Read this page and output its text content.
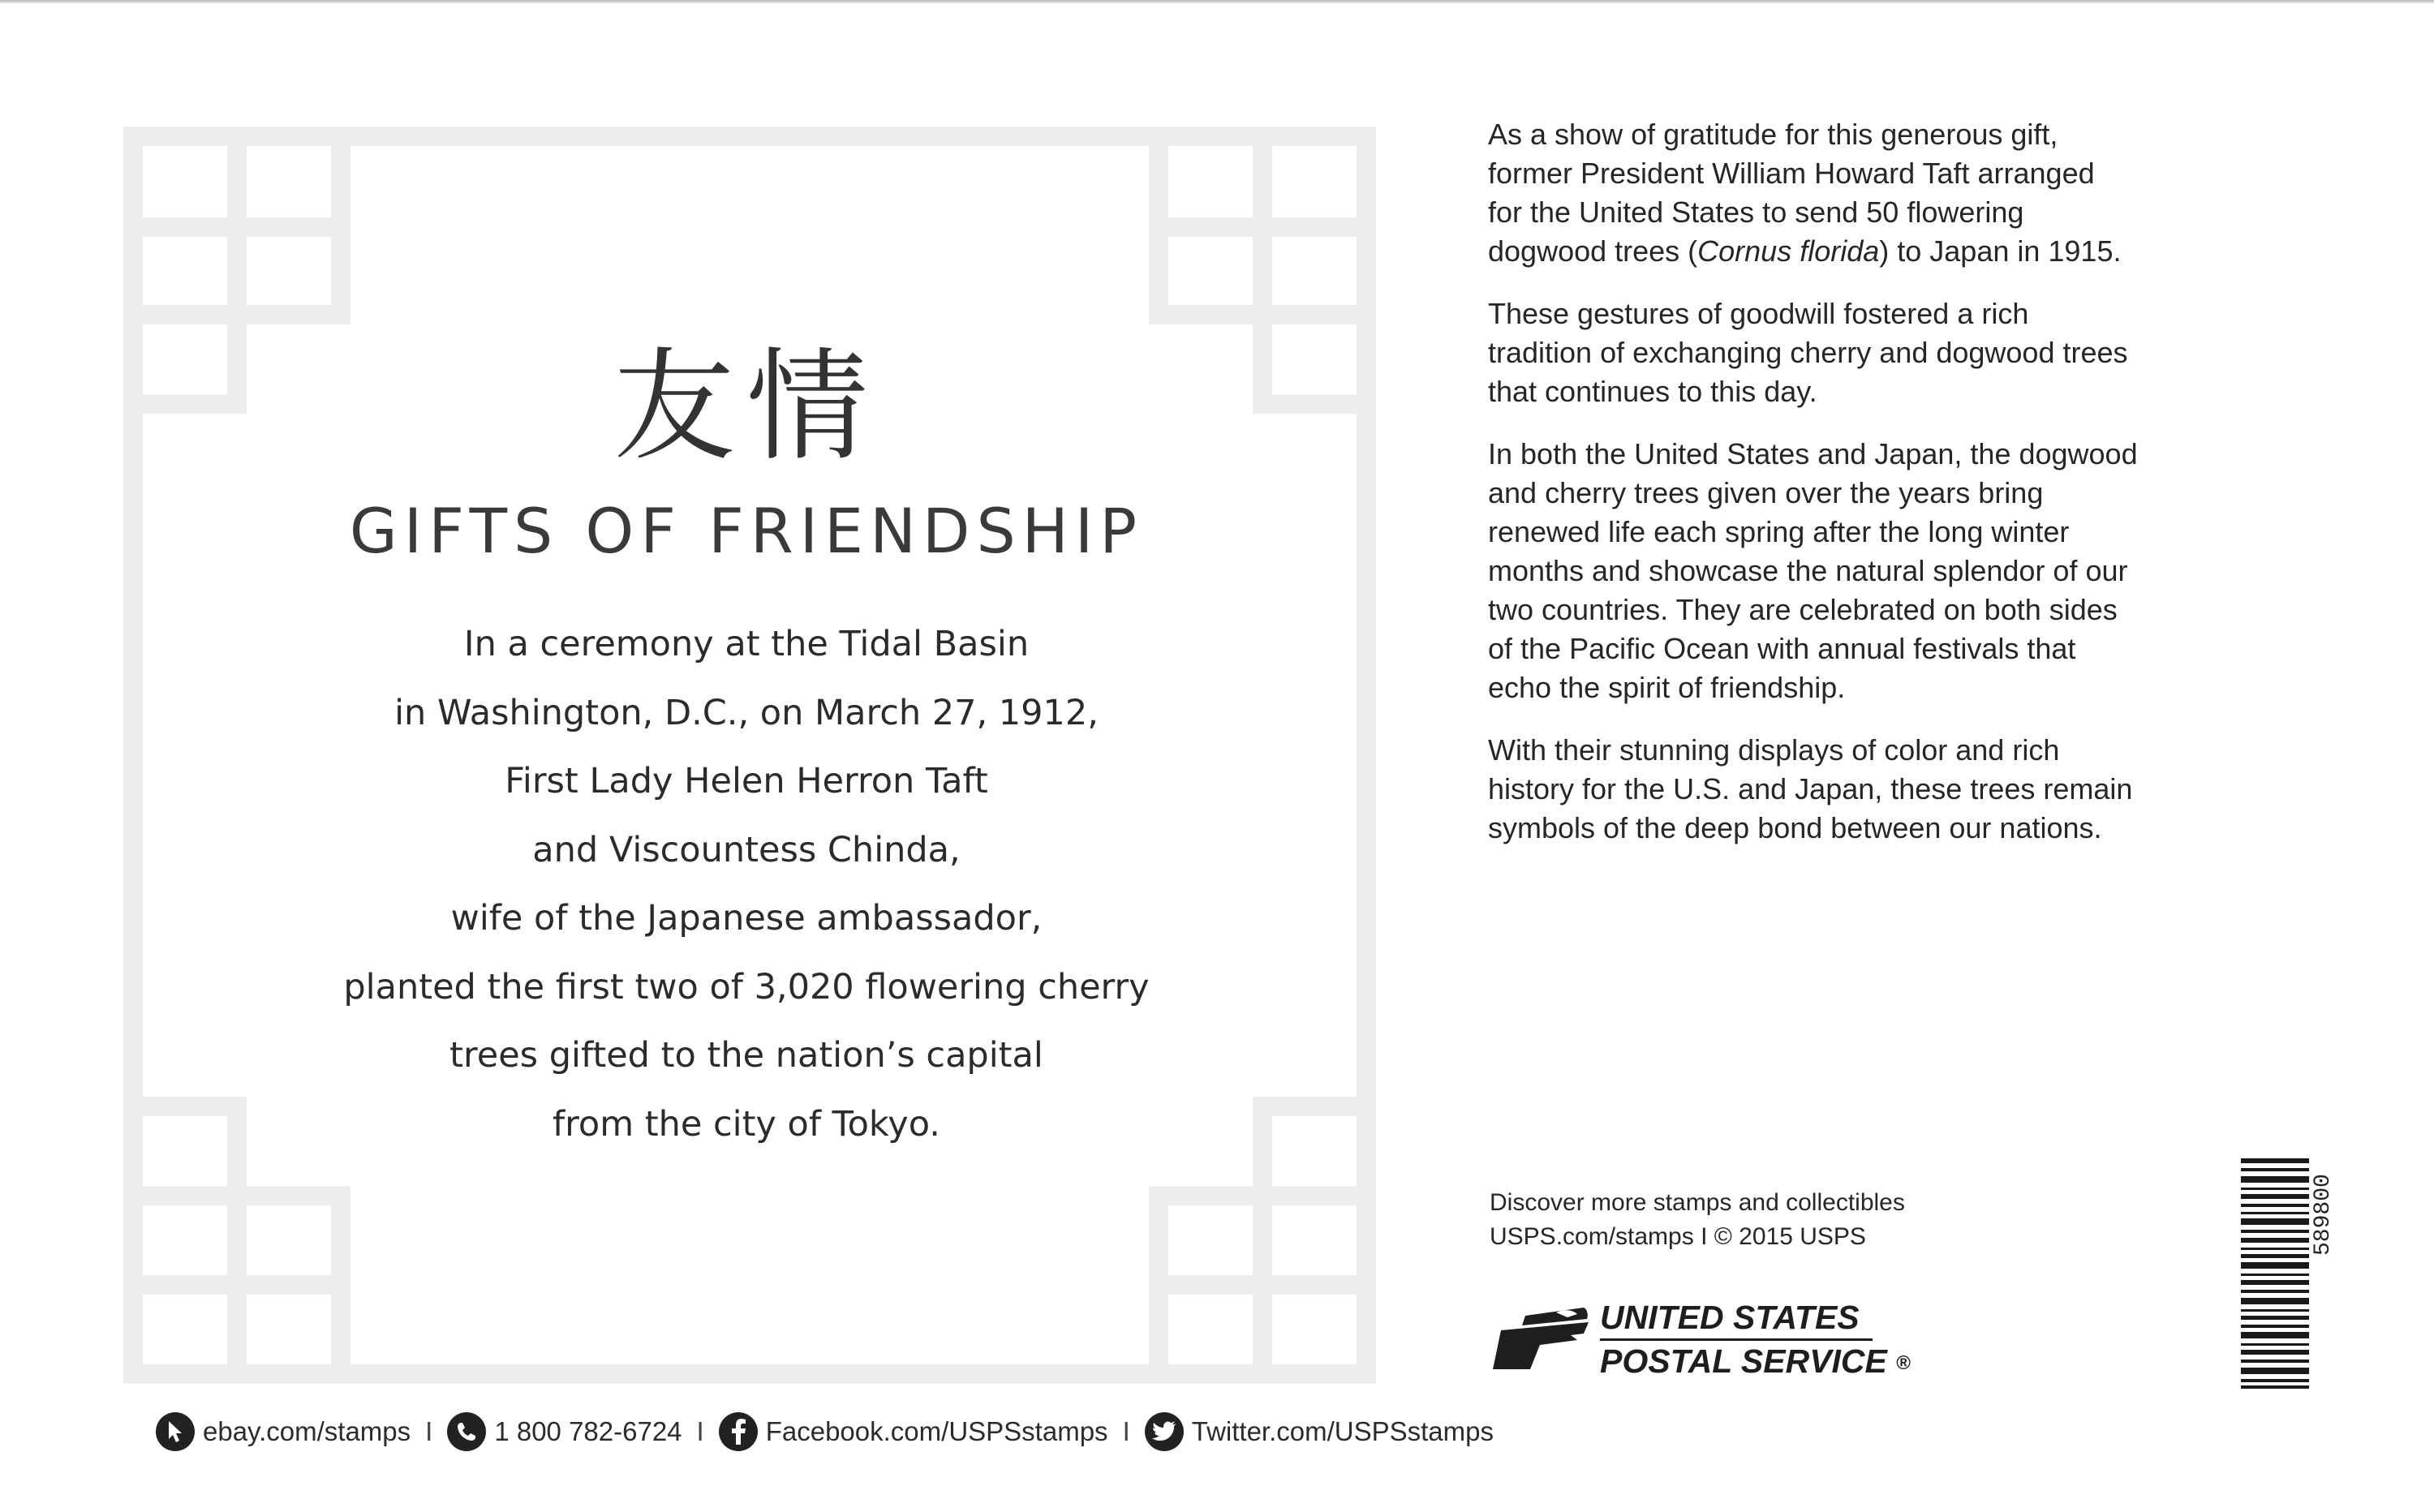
友情
GIFTS OF FRIENDSHIP

In a ceremony at the Tidal Basin

in Washington, D.C., on March 27, 1912,

First Lady Helen Herron Taft

and Viscountess Chinda,

wife of the Japanese ambassador,

planted the first two of 3,020 flowering cherry

trees gifted to the nation’s capital

from the city of Tokyo.

ebay.com/stamps I 1 800 782-6724 I Facebook.com/USPSstamps I Twitter.com/USPSstamps
As a show of gratitude for this generous gift,
former President William Howard Taft arranged
for the United States to send 50 flowering
dogwood trees (Cornus florida) to Japan in 1915.
These gestures of goodwill fostered a rich
tradition of exchanging cherry and dogwood trees
that continues to this day.
In both the United States and Japan, the dogwood
and cherry trees given over the years bring
renewed life each spring after the long winter
months and showcase the natural splendor of our
two countries. They are celebrated on both sides
of the Pacific Ocean with annual festivals that
echo the spirit of friendship.
With their stunning displays of color and rich
history for the U.S. and Japan, these trees remain
symbols of the deep bond between our nations.
Discover more stamps and collectibles
USPS.com/stamps I © 2015 USPS
UNITED STATES
POSTAL SERVICE ®
589800
